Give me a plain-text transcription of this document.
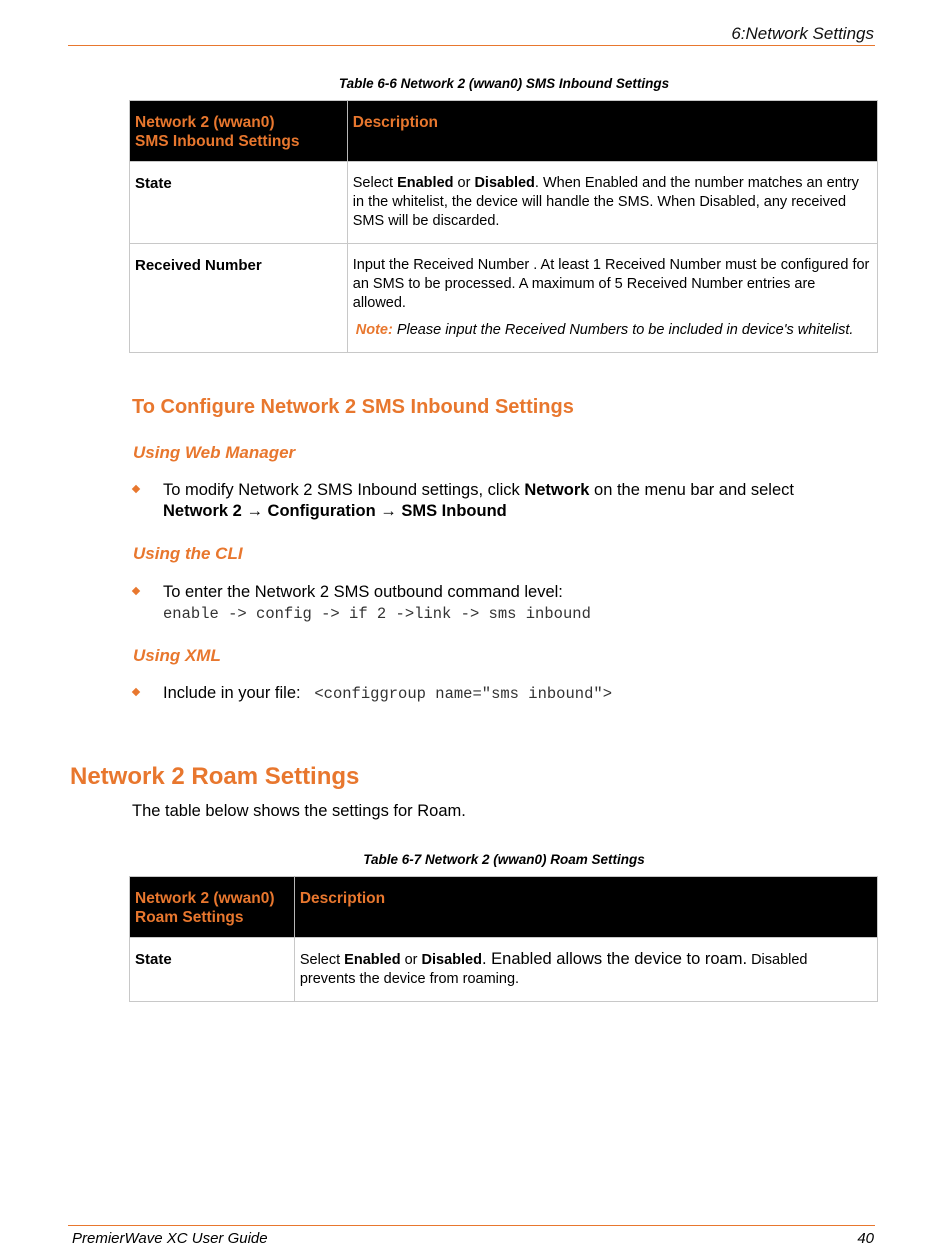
6:Network Settings
Table 6-6 Network 2 (wwan0) SMS Inbound Settings
Network 2 (wwan0)
SMS Inbound Settings	Description
State	Select Enabled or Disabled. When Enabled and the number matches an entry in the whitelist, the device will handle the SMS. When Disabled, any received SMS will be discarded.
Received Number	Input the Received Number . At least 1 Received Number must be configured for an SMS to be processed. A maximum of 5 Received Number entries are allowed.
Note: Please input the Received Numbers to be included in device's whitelist.
To Configure Network 2 SMS Inbound Settings
Using Web Manager
To modify Network 2 SMS Inbound settings, click Network on the menu bar and select
Network 2 → Configuration → SMS Inbound
Using the CLI
To enter the Network 2 SMS outbound command level:
enable -> config -> if 2 ->link -> sms inbound
Using XML
Include in your file: <configgroup name="sms inbound">
Network 2 Roam Settings
The table below shows the settings for Roam.
Table 6-7 Network 2 (wwan0) Roam Settings
Network 2 (wwan0)
Roam Settings	Description
State	Select Enabled or Disabled. Enabled allows the device to roam. Disabled
prevents the device from roaming.
PremierWave XC User Guide	40
